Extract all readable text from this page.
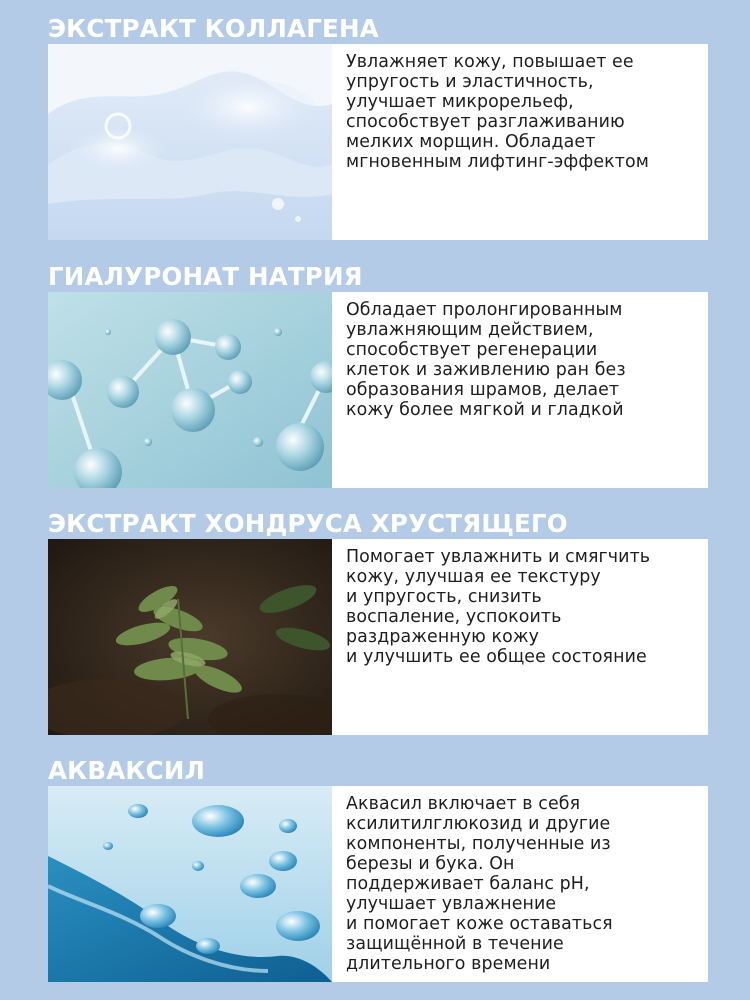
ЭКСТРАКТ КОЛЛАГЕНА
Увлажняет кожу, повышает ее
упругость и эластичность,
улучшает микрорельеф,
способствует разглаживанию
мелких морщин. Обладает
мгновенным лифтинг-эффектом
ГИАЛУРОНАТ НАТРИЯ
Обладает пролонгированным
увлажняющим действием,
способствует регенерации
клеток и заживлению ран без
образования шрамов, делает
кожу более мягкой и гладкой
ЭКСТРАКТ ХОНДРУСА ХРУСТЯЩЕГО
Помогает увлажнить и смягчить
кожу, улучшая ее текстуру
и упругость, снизить
воспаление, успокоить
раздраженную кожу
и улучшить ее общее состояние
АКВАКСИЛ
Аквасил включает в себя
ксилитилглюкозид и другие
компоненты, полученные из
березы и бука. Он
поддерживает баланс pH,
улучшает увлажнение
и помогает коже оставаться
защищённой в течение
длительного времени
